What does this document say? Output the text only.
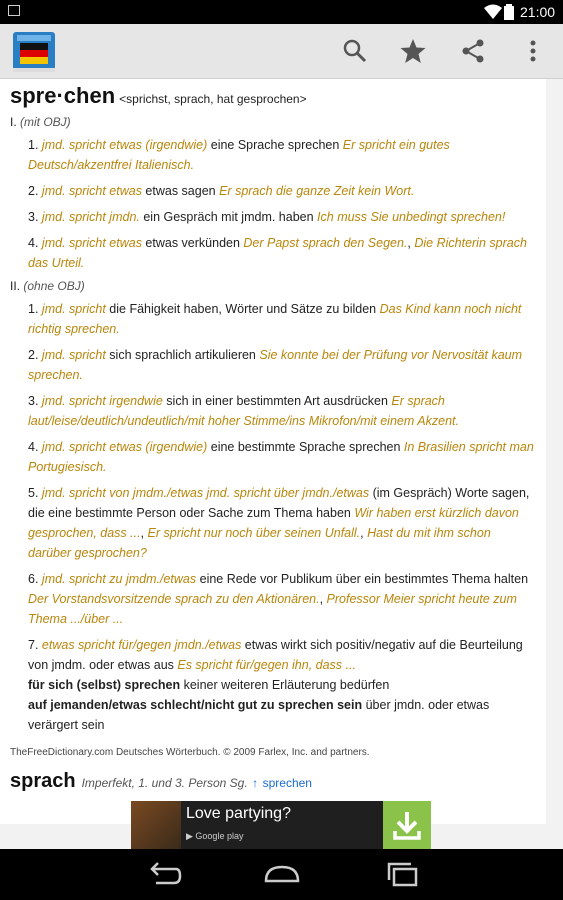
21:00
spre·chen <sprichst, sprach, hat gesprochen>
I. (mit OBJ)
1. jmd. spricht etwas (irgendwie) eine Sprache sprechen Er spricht ein gutes Deutsch/akzentfrei Italienisch.
2. jmd. spricht etwas etwas sagen Er sprach die ganze Zeit kein Wort.
3. jmd. spricht jmdn. ein Gespräch mit jmdm. haben Ich muss Sie unbedingt sprechen!
4. jmd. spricht etwas etwas verkünden Der Papst sprach den Segen., Die Richterin sprach das Urteil.
II. (ohne OBJ)
1. jmd. spricht die Fähigkeit haben, Wörter und Sätze zu bilden Das Kind kann noch nicht richtig sprechen.
2. jmd. spricht sich sprachlich artikulieren Sie konnte bei der Prüfung vor Nervosität kaum sprechen.
3. jmd. spricht irgendwie sich in einer bestimmten Art ausdrücken Er sprach laut/leise/deutlich/undeutlich/mit hoher Stimme/ins Mikrofon/mit einem Akzent.
4. jmd. spricht etwas (irgendwie) eine bestimmte Sprache sprechen In Brasilien spricht man Portugiesisch.
5. jmd. spricht von jmdm./etwas jmd. spricht über jmdn./etwas (im Gespräch) Worte sagen, die eine bestimmte Person oder Sache zum Thema haben Wir haben erst kürzlich davon gesprochen, dass ..., Er spricht nur noch über seinen Unfall., Hast du mit ihm schon darüber gesprochen?
6. jmd. spricht zu jmdm./etwas eine Rede vor Publikum über ein bestimmtes Thema halten Der Vorstandsvorsitzende sprach zu den Aktionären., Professor Meier spricht heute zum Thema .../über ...
7. etwas spricht für/gegen jmdn./etwas etwas wirkt sich positiv/negativ auf die Beurteilung von jmdm. oder etwas aus Es spricht für/gegen ihn, dass ...
für sich (selbst) sprechen keiner weiteren Erläuterung bedürfen
auf jemanden/etwas schlecht/nicht gut zu sprechen sein über jmdn. oder etwas verärgert sein
TheFreeDictionary.com Deutsches Wörterbuch. © 2009 Farlex, Inc. and partners.
sprach Imperfekt, 1. und 3. Person Sg. ↑ sprechen
Love partying?
▶ Google play
